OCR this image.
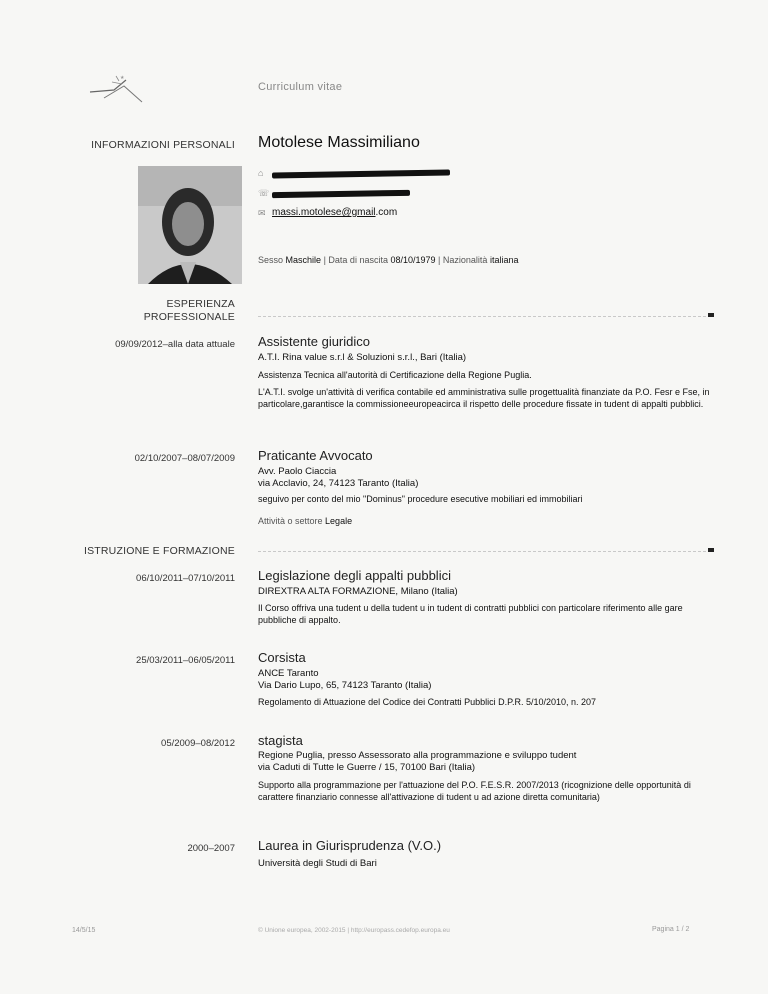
★
Curriculum vitae
INFORMAZIONI PERSONALI Motolese Massimiliano
⌂
☏
✉ massi.motolese@gmail.com
Sesso Maschile | Data di nascita 08/10/1979 | Nazionalità italiana
ESPERIENZA
PROFESSIONALE
09/09/2012–alla data attuale Assistente giuridico
A.T.I. Rina value s.r.l & Soluzioni s.r.l., Bari (Italia)
Assistenza Tecnica all'autorità di Certificazione della Regione Puglia.
L'A.T.I. svolge un'attività di verifica contabile ed amministrativa sulle progettualità finanziate da P.O. Fesr e Fse, in particolare,garantisce la commissioneeuropeacirca il rispetto delle procedure fissate in tudent di appalti pubblici.
02/10/2007–08/07/2009 Praticante Avvocato
Avv. Paolo Ciaccia
via Acclavio, 24, 74123 Taranto (Italia)
seguivo per conto del mio "Dominus" procedure esecutive mobiliari ed immobiliari
Attività o settore Legale
ISTRUZIONE E FORMAZIONE
06/10/2011–07/10/2011 Legislazione degli appalti pubblici
DIREXTRA ALTA FORMAZIONE, Milano (Italia)
Il Corso offriva una tudent u della tudent u in tudent di contratti pubblici con particolare riferimento alle gare pubbliche di appalto.
25/03/2011–06/05/2011 Corsista
ANCE Taranto
Via Dario Lupo, 65, 74123 Taranto (Italia)
Regolamento di Attuazione del Codice dei Contratti Pubblici D.P.R. 5/10/2010, n. 207
05/2009–08/2012 stagista
Regione Puglia, presso Assessorato alla programmazione e sviluppo tudent
via Caduti di Tutte le Guerre / 15, 70100 Bari (Italia)
Supporto alla programmazione per l'attuazione del P.O. F.E.S.R. 2007/2013 (ricognizione delle opportunità di carattere finanziario connesse all'attivazione di tudent u ad azione diretta comunitaria)
2000–2007 Laurea in Giurisprudenza (V.O.)
Università degli Studi di Bari
14/5/15	© Unione europea, 2002-2015 | http://europass.cedefop.europa.eu	Pagina 1 / 2
